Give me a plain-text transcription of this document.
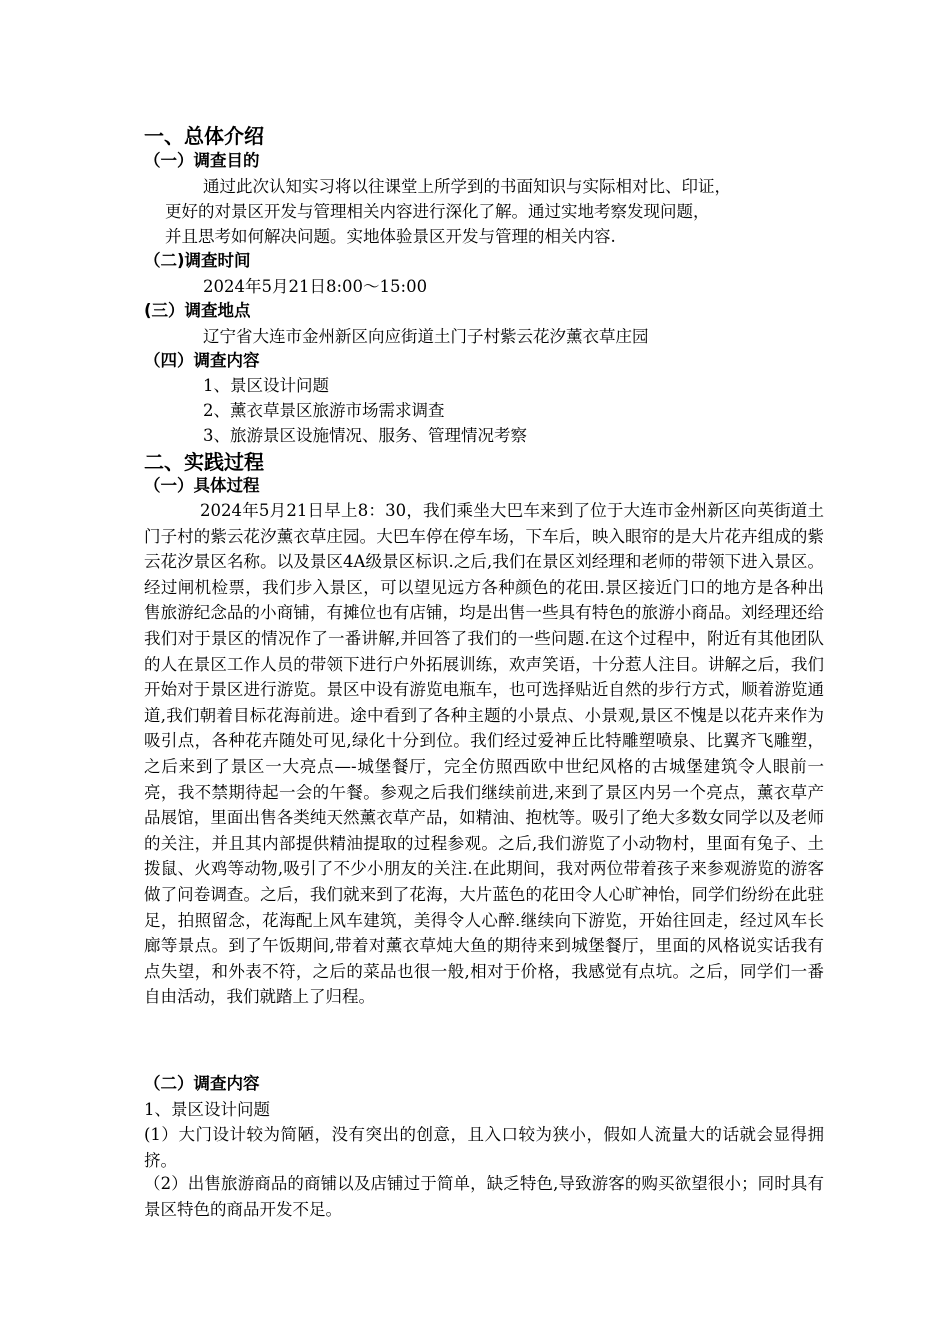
一、总体介绍
（一）调查目的
通过此次认知实习将以往课堂上所学到的书面知识与实际相对比、印证，
更好的对景区开发与管理相关内容进行深化了解。通过实地考察发现问题，
并且思考如何解决问题。实地体验景区开发与管理的相关内容.
（二)调查时间
2024年5月21日8:00～15:00
(三）调查地点
辽宁省大连市金州新区向应街道土门子村紫云花汐薰衣草庄园
（四）调查内容
1、景区设计问题
2、薰衣草景区旅游市场需求调查
3、旅游景区设施情况、服务、管理情况考察
二、实践过程
（一）具体过程
2024年5月21日早上8：30，我们乘坐大巴车来到了位于大连市金州新区向英街道土门子村的紫云花汐薰衣草庄园。大巴车停在停车场，下车后，映入眼帘的是大片花卉组成的紫云花汐景区名称。以及景区4A级景区标识.之后,我们在景区刘经理和老师的带领下进入景区。经过闸机检票，我们步入景区，可以望见远方各种颜色的花田.景区接近门口的地方是各种出售旅游纪念品的小商铺，有摊位也有店铺，均是出售一些具有特色的旅游小商品。刘经理还给我们对于景区的情况作了一番讲解,并回答了我们的一些问题.在这个过程中，附近有其他团队的人在景区工作人员的带领下进行户外拓展训练，欢声笑语，十分惹人注目。讲解之后，我们开始对于景区进行游览。景区中设有游览电瓶车，也可选择贴近自然的步行方式，顺着游览通道,我们朝着目标花海前进。途中看到了各种主题的小景点、小景观,景区不愧是以花卉来作为吸引点，各种花卉随处可见,绿化十分到位。我们经过爱神丘比特雕塑喷泉、比翼齐飞雕塑，之后来到了景区一大亮点—-城堡餐厅，完全仿照西欧中世纪风格的古城堡建筑令人眼前一亮，我不禁期待起一会的午餐。参观之后我们继续前进,来到了景区内另一个亮点，薰衣草产品展馆，里面出售各类纯天然薰衣草产品，如精油、抱枕等。吸引了绝大多数女同学以及老师的关注，并且其内部提供精油提取的过程参观。之后,我们游览了小动物村，里面有兔子、土拨鼠、火鸡等动物,吸引了不少小朋友的关注.在此期间，我对两位带着孩子来参观游览的游客做了问卷调查。之后，我们就来到了花海，大片蓝色的花田令人心旷神怡，同学们纷纷在此驻足，拍照留念，花海配上风车建筑，美得令人心醉.继续向下游览，开始往回走，经过风车长廊等景点。到了午饭期间,带着对薰衣草炖大鱼的期待来到城堡餐厅，里面的风格说实话我有点失望，和外表不符，之后的菜品也很一般,相对于价格，我感觉有点坑。之后，同学们一番自由活动，我们就踏上了归程。
（二）调查内容
1、景区设计问题
(1）大门设计较为简陋，没有突出的创意，且入口较为狭小，假如人流量大的话就会显得拥挤。
（2）出售旅游商品的商铺以及店铺过于简单，缺乏特色,导致游客的购买欲望很小；同时具有景区特色的商品开发不足。
